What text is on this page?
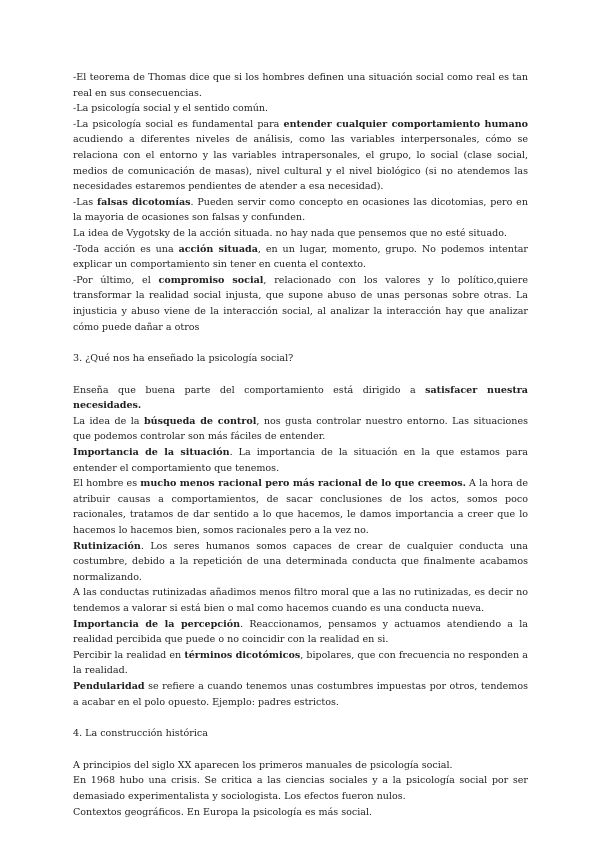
-El teorema de Thomas dice que si los hombres definen una situación social como real es tan real en sus consecuencias.

-La psicología social y el sentido común.

-La psicología social es fundamental para entender cualquier comportamiento humano acudiendo a diferentes niveles de análisis, como las variables interpersonales, cómo se relaciona con el entorno y las variables intrapersonales, el grupo, lo social (clase social, medios de comunicación de masas), nivel cultural y el nivel biológico (si no atendemos las necesidades estaremos pendientes de atender a esa necesidad).

-Las falsas dicotomías. Pueden servir como concepto en ocasiones las dicotomias, pero en la mayoria de ocasiones son falsas y confunden.

La idea de Vygotsky de la acción situada. no hay nada que pensemos que no esté situado.

-Toda acción es una acción situada, en un lugar, momento, grupo. No podemos intentar explicar un comportamiento sin tener en cuenta el contexto.

-Por último, el compromiso social, relacionado con los valores y lo político,quiere transformar la realidad social injusta, que supone abuso de unas personas sobre otras. La injusticia y abuso viene de la interacción social, al analizar la interacción hay que analizar cómo puede dañar a otros

3. ¿Qué nos ha enseñado la psicología social?

Enseña que buena parte del comportamiento está dirigido a satisfacer nuestra necesidades.

La idea de la búsqueda de control, nos gusta controlar nuestro entorno. Las situaciones que podemos controlar son más fáciles de entender.

Importancia de la situación. La importancia de la situación en la que estamos para entender el comportamiento que tenemos.

El hombre es mucho menos racional pero más racional de lo que creemos. A la hora de atribuir causas a comportamientos, de sacar conclusiones de los actos, somos poco racionales, tratamos de dar sentido a lo que hacemos, le damos importancia a creer que lo hacemos lo hacemos bien, somos racionales pero a la vez no.

Rutinización. Los seres humanos somos capaces de crear de cualquier conducta una costumbre, debido a la repetición de una determinada conducta que finalmente acabamos normalizando.

A las conductas rutinizadas añadimos menos filtro moral que a las no rutinizadas, es decir no tendemos a valorar si está bien o mal como hacemos cuando es una conducta nueva.

Importancia de la percepción. Reaccionamos, pensamos y actuamos atendiendo a la realidad percibida que puede o no coincidir con la realidad en si.

Percibir la realidad en términos dicotómicos, bipolares, que con frecuencia no responden a la realidad.

Pendularidad se refiere a cuando tenemos unas costumbres impuestas por otros, tendemos a acabar en el polo opuesto. Ejemplo: padres estrictos.

4. La construcción histórica

A principios del siglo XX aparecen los primeros manuales de psicología social.

En 1968 hubo una crisis. Se critica a las ciencias sociales y a la psicología social por ser demasiado experimentalista y sociologista. Los efectos fueron nulos.

Contextos geográficos. En Europa la psicología es más social.
